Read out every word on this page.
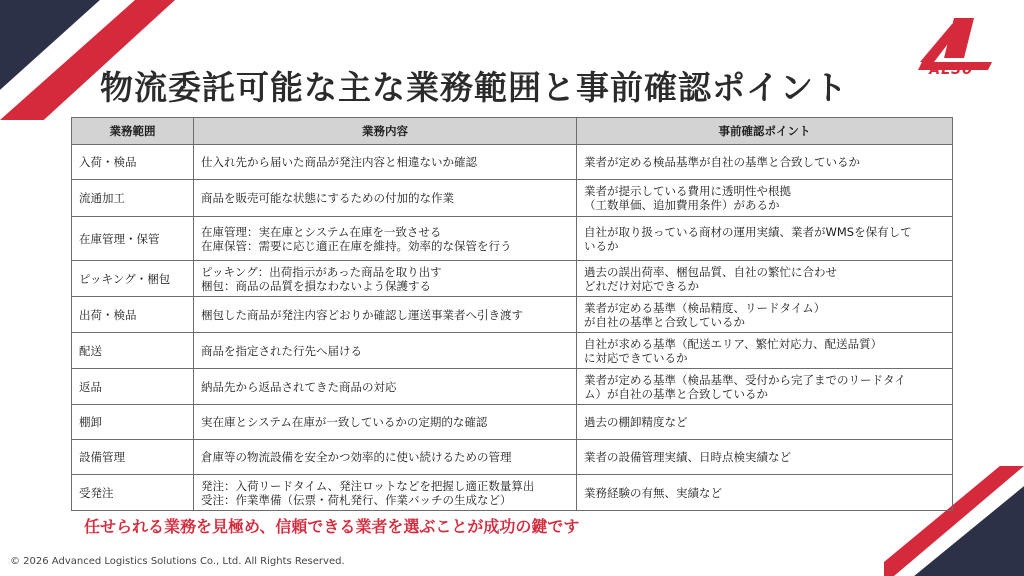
物流委託可能な主な業務範囲と事前確認ポイント	ALSo
業務範囲	業務内容	事前確認ポイント
入荷・検品	仕入れ先から届いた商品が発注内容と相違ないか確認	業者が定める検品基準が自社の基準と合致しているか

流通加工	商品を販売可能な状態にするための付加的な作業	業者が提示している費用に透明性や根拠
（工数単価、追加費用条件）があるか

在庫管理・保管	在庫管理：実在庫とシステム在庫を一致させる
在庫保管：需要に応じ適正在庫を維持。効率的な保管を行う	自社が取り扱っている商材の運用実績、業者がWMSを保有して
いるか

ピッキング・梱包	ピッキング：出荷指示があった商品を取り出す
梱包：商品の品質を損なわないよう保護する	過去の誤出荷率、梱包品質、自社の繁忙に合わせ
どれだけ対応できるか

出荷・検品	梱包した商品が発注内容どおりか確認し運送事業者へ引き渡す	業者が定める基準（検品精度、リードタイム）
が自社の基準と合致しているか

配送	商品を指定された行先へ届ける	自社が求める基準（配送エリア、繁忙対応力、配送品質）
に対応できているか

返品	納品先から返品されてきた商品の対応	業者が定める基準（検品基準、受付から完了までのリードタイ
ム）が自社の基準と合致しているか

棚卸	実在庫とシステム在庫が一致しているかの定期的な確認	過去の棚卸精度など

設備管理	倉庫等の物流設備を安全かつ効率的に使い続けるための管理	業者の設備管理実績、日時点検実績など

受発注	発注：入荷リードタイム、発注ロットなどを把握し適正数量算出
受注：作業準備（伝票・荷札発行、作業バッチの生成など）	業務経験の有無、実績など
任せられる業務を見極め、信頼できる業者を選ぶことが成功の鍵です
© 2026 Advanced Logistics Solutions Co., Ltd. All Rights Reserved.
